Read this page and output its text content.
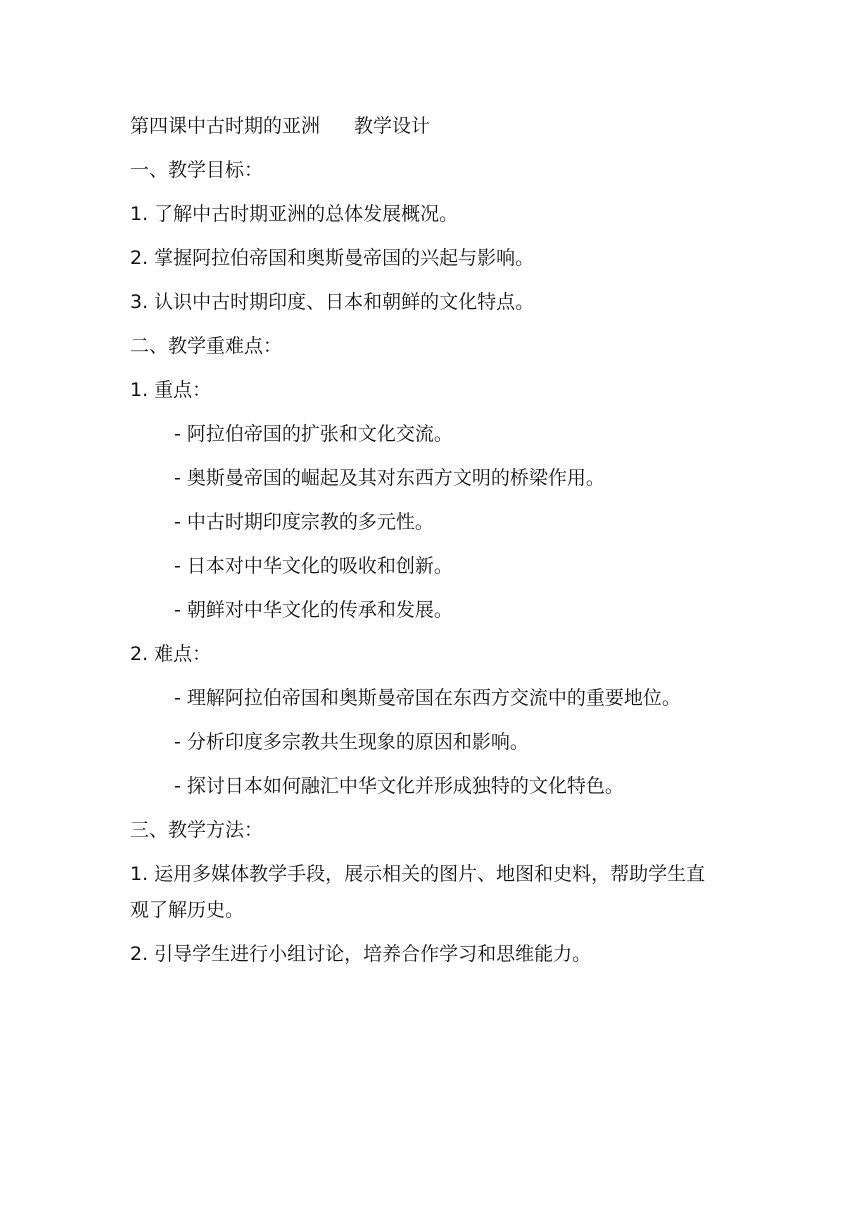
第四课中古时期的亚洲 教学设计

一、教学目标：

1. 了解中古时期亚洲的总体发展概况。

2. 掌握阿拉伯帝国和奥斯曼帝国的兴起与影响。

3. 认识中古时期印度、日本和朝鲜的文化特点。

二、教学重难点：

1. 重点：

- 阿拉伯帝国的扩张和文化交流。

- 奥斯曼帝国的崛起及其对东西方文明的桥梁作用。

- 中古时期印度宗教的多元性。

- 日本对中华文化的吸收和创新。

- 朝鲜对中华文化的传承和发展。

2. 难点：

- 理解阿拉伯帝国和奥斯曼帝国在东西方交流中的重要地位。

- 分析印度多宗教共生现象的原因和影响。

- 探讨日本如何融汇中华文化并形成独特的文化特色。

三、教学方法：

1. 运用多媒体教学手段，展示相关的图片、地图和史料，帮助学生直观了解历史。

2. 引导学生进行小组讨论，培养合作学习和思维能力。
